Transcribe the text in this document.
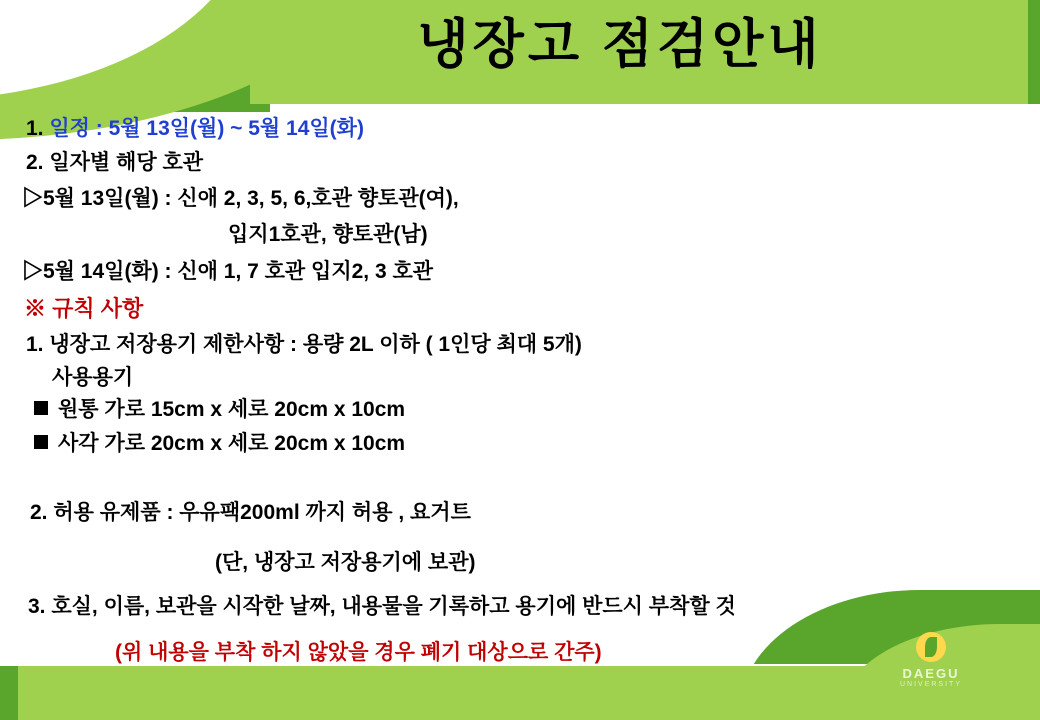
냉장고 점검안내
1. 일정 : 5월 13일(월) ~ 5월 14일(화)
2. 일자별 해당 호관
▷5월 13일(월) : 신애 2, 3, 5, 6,호관 향토관(여),
입지1호관, 향토관(남)
▷5월 14일(화) : 신애 1, 7 호관 입지2, 3 호관
※ 규칙 사항
1. 냉장고 저장용기 제한사항 : 용량 2L 이하 ( 1인당 최대 5개)
사용용기
원통 가로 15cm x 세로 20cm x 10cm
사각 가로 20cm x 세로 20cm x 10cm
2. 허용 유제품 : 우유팩200ml 까지 허용 , 요거트
(단, 냉장고 저장용기에 보관)
3. 호실, 이름, 보관을 시작한 날짜, 내용물을 기록하고 용기에 반드시 부착할 것
(위 내용을 부착 하지 않았을 경우 폐기 대상으로 간주)
DAEGU
UNIVERSITY
